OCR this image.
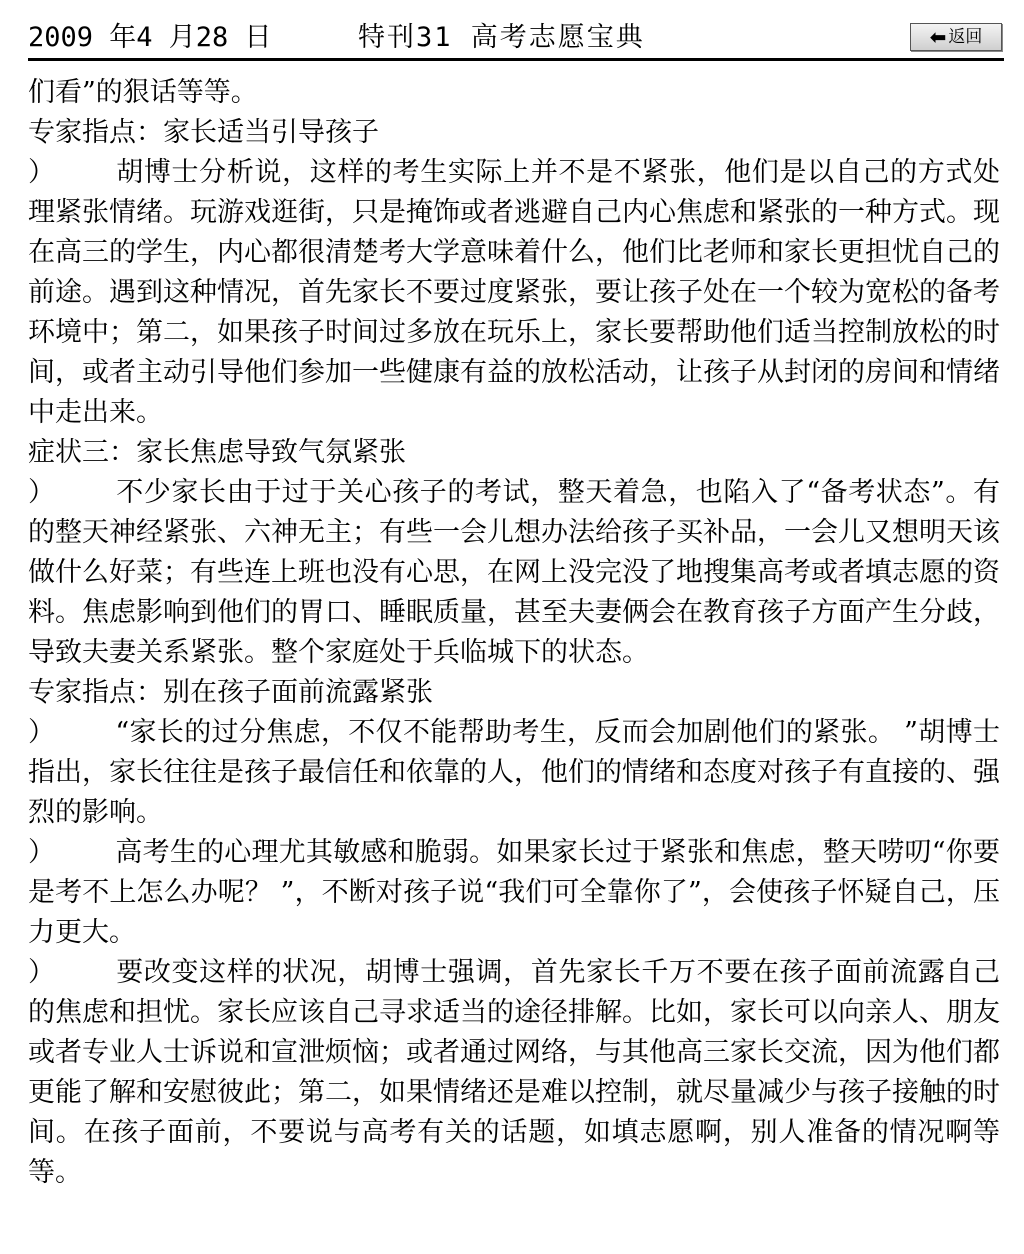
2009 年4 月28 日	特刊31 高考志愿宝典	⬅ 返回

们看”的狠话等等。

专家指点：家长适当引导孩子

） 胡博士分析说，这样的考生实际上并不是不紧张，他们是以自己的方式处理紧张情绪。玩游戏逛街，只是掩饰或者逃避自己内心焦虑和紧张的一种方式。现在高三的学生，内心都很清楚考大学意味着什么，他们比老师和家长更担忧自己的前途。遇到这种情况，首先家长不要过度紧张，要让孩子处在一个较为宽松的备考环境中；第二，如果孩子时间过多放在玩乐上，家长要帮助他们适当控制放松的时间，或者主动引导他们参加一些健康有益的放松活动，让孩子从封闭的房间和情绪中走出来。

症状三：家长焦虑导致气氛紧张

） 不少家长由于过于关心孩子的考试，整天着急，也陷入了“备考状态”。有的整天神经紧张、六神无主；有些一会儿想办法给孩子买补品，一会儿又想明天该做什么好菜；有些连上班也没有心思，在网上没完没了地搜集高考或者填志愿的资料。焦虑影响到他们的胃口、睡眠质量，甚至夫妻俩会在教育孩子方面产生分歧，导致夫妻关系紧张。整个家庭处于兵临城下的状态。

专家指点：别在孩子面前流露紧张

） “家长的过分焦虑，不仅不能帮助考生，反而会加剧他们的紧张。 ”胡博士指出，家长往往是孩子最信任和依靠的人，他们的情绪和态度对孩子有直接的、强烈的影响。

） 高考生的心理尤其敏感和脆弱。如果家长过于紧张和焦虑，整天唠叨“你要是考不上怎么办呢？ ”，不断对孩子说“我们可全靠你了”，会使孩子怀疑自己，压力更大。

） 要改变这样的状况，胡博士强调，首先家长千万不要在孩子面前流露自己的焦虑和担忧。家长应该自己寻求适当的途径排解。比如，家长可以向亲人、朋友或者专业人士诉说和宣泄烦恼；或者通过网络，与其他高三家长交流，因为他们都更能了解和安慰彼此；第二，如果情绪还是难以控制，就尽量减少与孩子接触的时间。在孩子面前，不要说与高考有关的话题，如填志愿啊，别人准备的情况啊等等。
